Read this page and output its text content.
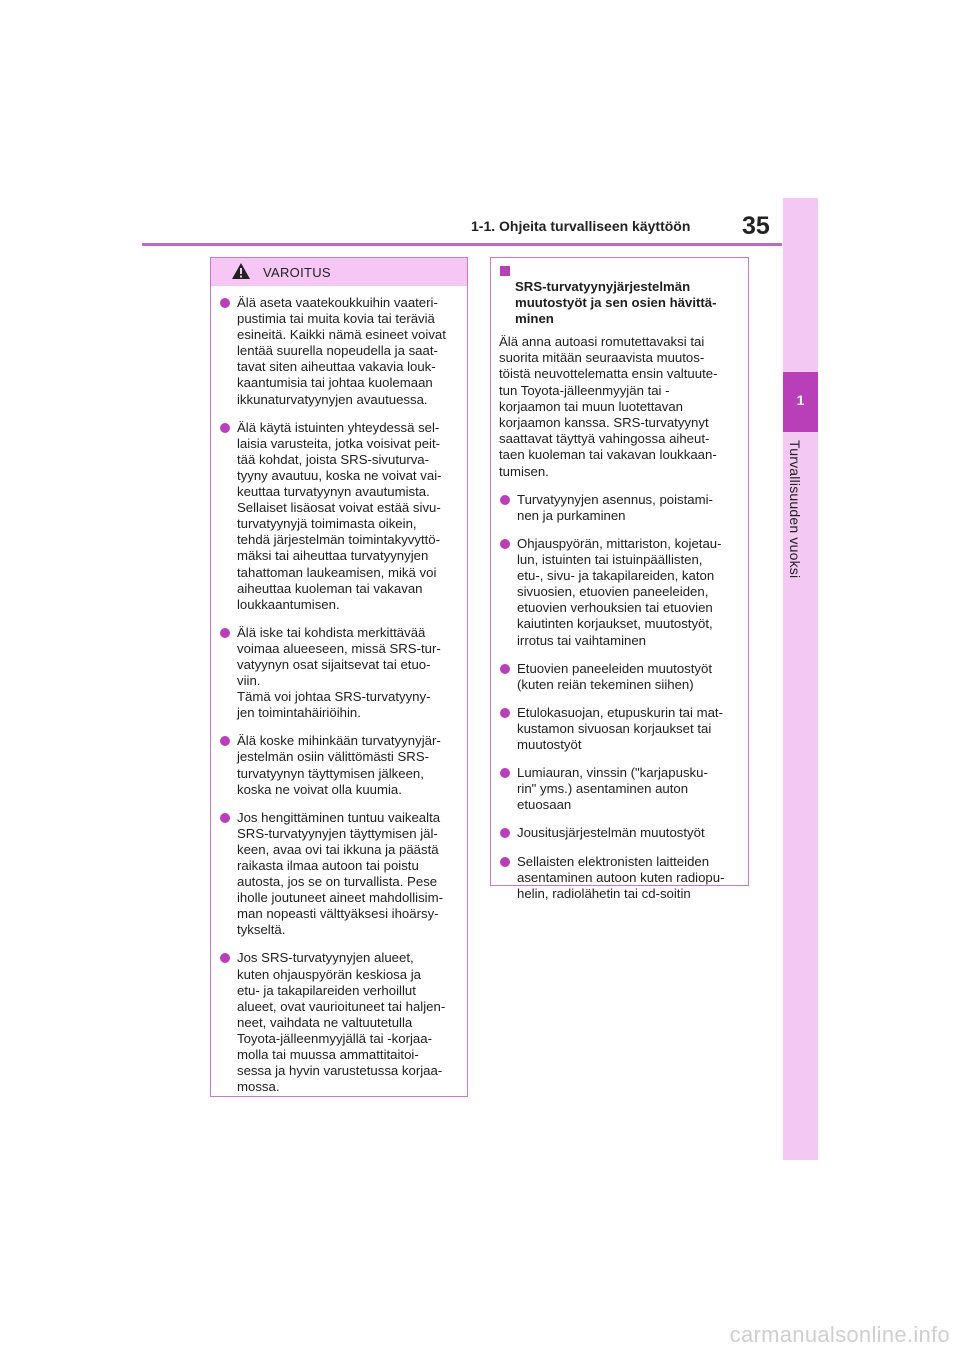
1-1. Ohjeita turvalliseen käyttöön 35
1
Turvallisuuden vuoksi
VAROITUS
Älä aseta vaatekoukkuihin vaateri-
pustimia tai muita kovia tai teräviä
esineitä. Kaikki nämä esineet voivat
lentää suurella nopeudella ja saat-
tavat siten aiheuttaa vakavia louk-
kaantumisia tai johtaa kuolemaan
ikkunaturvatyynyjen avautuessa.
Älä käytä istuinten yhteydessä sel-
laisia varusteita, jotka voisivat peit-
tää kohdat, joista SRS-sivuturva-
tyyny avautuu, koska ne voivat vai-
keuttaa turvatyynyn avautumista.
Sellaiset lisäosat voivat estää sivu-
turvatyynyjä toimimasta oikein,
tehdä järjestelmän toimintakyvyttö-
mäksi tai aiheuttaa turvatyynyjen
tahattoman laukeamisen, mikä voi
aiheuttaa kuoleman tai vakavan
loukkaantumisen.
Älä iske tai kohdista merkittävää
voimaa alueeseen, missä SRS-tur-
vatyynyn osat sijaitsevat tai etuo-
viin.
Tämä voi johtaa SRS-turvatyyny-
jen toimintahäiriöihin.
Älä koske mihinkään turvatyynyjär-
jestelmän osiin välittömästi SRS-
turvatyynyn täyttymisen jälkeen,
koska ne voivat olla kuumia.
Jos hengittäminen tuntuu vaikealta
SRS-turvatyynyjen täyttymisen jäl-
keen, avaa ovi tai ikkuna ja päästä
raikasta ilmaa autoon tai poistu
autosta, jos se on turvallista. Pese
iholle joutuneet aineet mahdollisim-
man nopeasti välttyäksesi ihoärsy-
tykseltä.
Jos SRS-turvatyynyjen alueet,
kuten ohjauspyörän keskiosa ja
etu- ja takapilareiden verhoillut
alueet, ovat vaurioituneet tai haljen-
neet, vaihdata ne valtuutetulla
Toyota-jälleenmyyjällä tai -korjaa-
molla tai muussa ammattitaitoi-
sessa ja hyvin varustetussa korjaa-
mossa.

SRS-turvatyynyjärjestelmän
muutostyöt ja sen osien hävittä-
minen

Älä anna autoasi romutettavaksi tai
suorita mitään seuraavista muutos-
töistä neuvottelematta ensin valtuute-
tun Toyota-jälleenmyyjän tai -
korjaamon tai muun luotettavan
korjaamon kanssa. SRS-turvatyynyt
saattavat täyttyä vahingossa aiheut-
taen kuoleman tai vakavan loukkaan-
tumisen.
Turvatyynyjen asennus, poistami-
nen ja purkaminen
Ohjauspyörän, mittariston, kojetau-
lun, istuinten tai istuinpäällisten,
etu-, sivu- ja takapilareiden, katon
sivuosien, etuovien paneeleiden,
etuovien verhouksien tai etuovien
kaiutinten korjaukset, muutostyöt,
irrotus tai vaihtaminen
Etuovien paneeleiden muutostyöt
(kuten reiän tekeminen siihen)
Etulokasuojan, etupuskurin tai mat-
kustamon sivuosan korjaukset tai
muutostyöt
Lumiauran, vinssin ("karjapusku-
rin" yms.) asentaminen auton
etuosaan
Jousitusjärjestelmän muutostyöt
Sellaisten elektronisten laitteiden
asentaminen autoon kuten radiopu-
helin, radiolähetin tai cd-soitin
carmanualsonline.info
